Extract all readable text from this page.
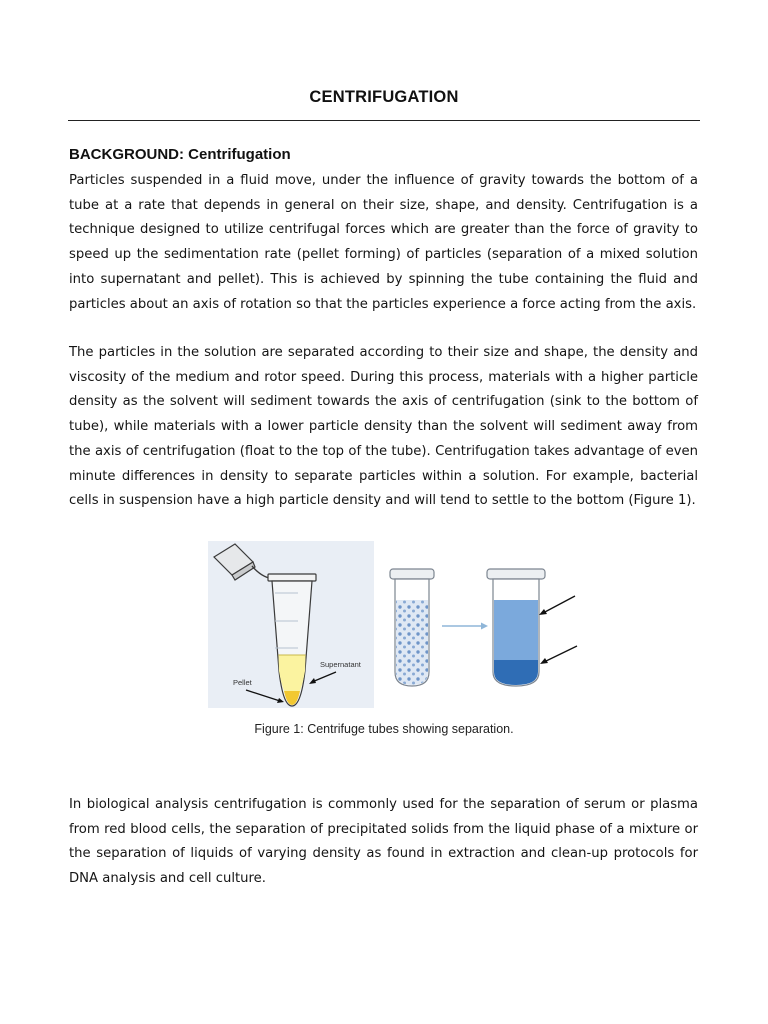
CENTRIFUGATION
BACKGROUND: Centrifugation

Particles suspended in a fluid move, under the influence of gravity towards the bottom of a tube at a rate that depends in general on their size, shape, and density. Centrifugation is a technique designed to utilize centrifugal forces which are greater than the force of gravity to speed up the sedimentation rate (pellet forming) of particles (separation of a mixed solution into supernatant and pellet). This is achieved by spinning the tube containing the fluid and particles about an axis of rotation so that the particles experience a force acting from the axis.

The particles in the solution are separated according to their size and shape, the density and viscosity of the medium and rotor speed. During this process, materials with a higher particle density as the solvent will sediment towards the axis of centrifugation (sink to the bottom of tube), while materials with a lower particle density than the solvent will sediment away from the axis of centrifugation (float to the top of the tube). Centrifugation takes advantage of even minute differences in density to separate particles within a solution. For example, bacterial cells in suspension have a high particle density and will tend to settle to the bottom (Figure 1).

Supernatant
Pellet
Figure 1: Centrifuge tubes showing separation.

In biological analysis centrifugation is commonly used for the separation of serum or plasma from red blood cells, the separation of precipitated solids from the liquid phase of a mixture or the separation of liquids of varying density as found in extraction and clean-up protocols for DNA analysis and cell culture.
